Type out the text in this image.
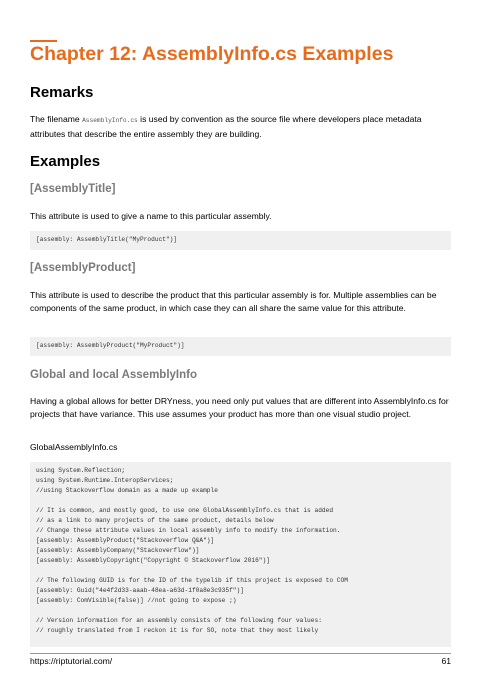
Chapter 12: AssemblyInfo.cs Examples
Remarks

The filename AssemblyInfo.cs is used by convention as the source file where developers place metadata attributes that describe the entire assembly they are building.

Examples
[AssemblyTitle]

This attribute is used to give a name to this particular assembly.

[assembly: AssemblyTitle("MyProduct")]
[AssemblyProduct]

This attribute is used to describe the product that this particular assembly is for. Multiple assemblies can be components of the same product, in which case they can all share the same value for this attribute.

[assembly: AssemblyProduct("MyProduct")]
Global and local AssemblyInfo

Having a global allows for better DRYness, you need only put values that are different into AssemblyInfo.cs for projects that have variance. This use assumes your product has more than one visual studio project.

GlobalAssemblyInfo.cs

using System.Reflection;
using System.Runtime.InteropServices;
//using Stackoverflow domain as a made up example

// It is common, and mostly good, to use one GlobalAssemblyInfo.cs that is added
// as a link to many projects of the same product, details below
// Change these attribute values in local assembly info to modify the information.
[assembly: AssemblyProduct("Stackoverflow Q&A")]
[assembly: AssemblyCompany("Stackoverflow")]
[assembly: AssemblyCopyright("Copyright © Stackoverflow 2016")]

// The following GUID is for the ID of the typelib if this project is exposed to COM
[assembly: Guid("4e4f2d33-aaab-48ea-a63d-1f0a8e3c935f")]
[assembly: ComVisible(false)] //not going to expose ;)

// Version information for an assembly consists of the following four values:
// roughly translated from I reckon it is for SO, note that they most likely
https://riptutorial.com/	61
